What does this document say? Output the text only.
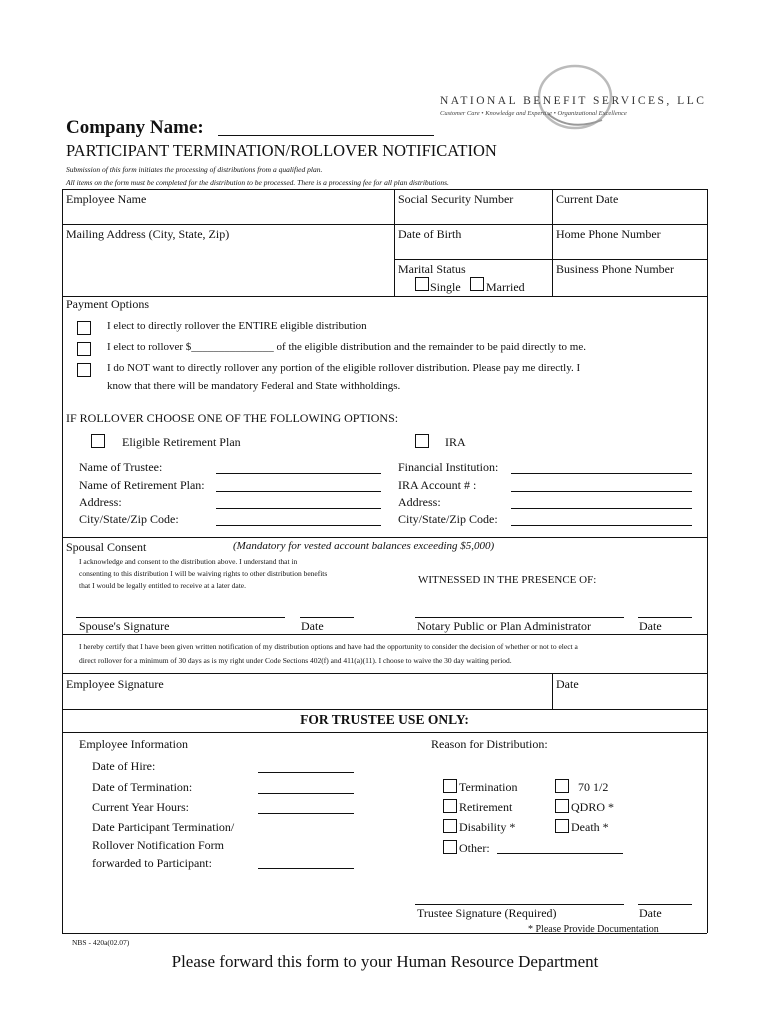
NATIONAL BENEFIT SERVICES, LLC
Customer Care • Knowledge and Expertise • Organizational Excellence
Company Name:
PARTICIPANT TERMINATION/ROLLOVER NOTIFICATION
Submission of this form initiates the processing of distributions from a qualified plan.
All items on the form must be completed for the distribution to be processed. There is a processing fee for all plan distributions.
Employee Name	Social Security Number	Current Date
Mailing Address (City, State, Zip)	Date of Birth	Home Phone Number
Marital Status
Single Married
Business Phone Number
Payment Options
I elect to directly rollover the ENTIRE eligible distribution
I elect to rollover $_______________ of the eligible distribution and the remainder to be paid directly to me.
I do NOT want to directly rollover any portion of the eligible rollover distribution. Please pay me directly. I
know that there will be mandatory Federal and State withholdings.
IF ROLLOVER CHOOSE ONE OF THE FOLLOWING OPTIONS:
Eligible Retirement Plan	IRA
Name of Trustee:
Name of Retirement Plan:
Address:
City/State/Zip Code:
Financial Institution:
IRA Account # :
Address:
City/State/Zip Code:
Spousal Consent	(Mandatory for vested account balances exceeding $5,000)
I acknowledge and consent to the distribution above. I understand that in
consenting to this distribution I will be waiving rights to other distribution benefits
that I would be legally entitled to receive at a later date.	WITNESSED IN THE PRESENCE OF:
Spouse's Signature	Date	Notary Public or Plan Administrator	Date
I hereby certify that I have been given written notification of my distribution options and have had the opportunity to consider the decision of whether or not to elect a
direct rollover for a minimum of 30 days as is my right under Code Sections 402(f) and 411(a)(11). I choose to waive the 30 day waiting period.
Employee Signature	Date
FOR TRUSTEE USE ONLY:
Employee Information	Reason for Distribution:
Date of Hire:
Date of Termination:
Current Year Hours:
Date Participant Termination/
Rollover Notification Form
forwarded to Participant:
Termination
Retirement
Disability *
Other:
70 1/2
QDRO *
Death *
Trustee Signature (Required)	Date
* Please Provide Documentation
NBS - 420a(02.07)
Please forward this form to your Human Resource Department
